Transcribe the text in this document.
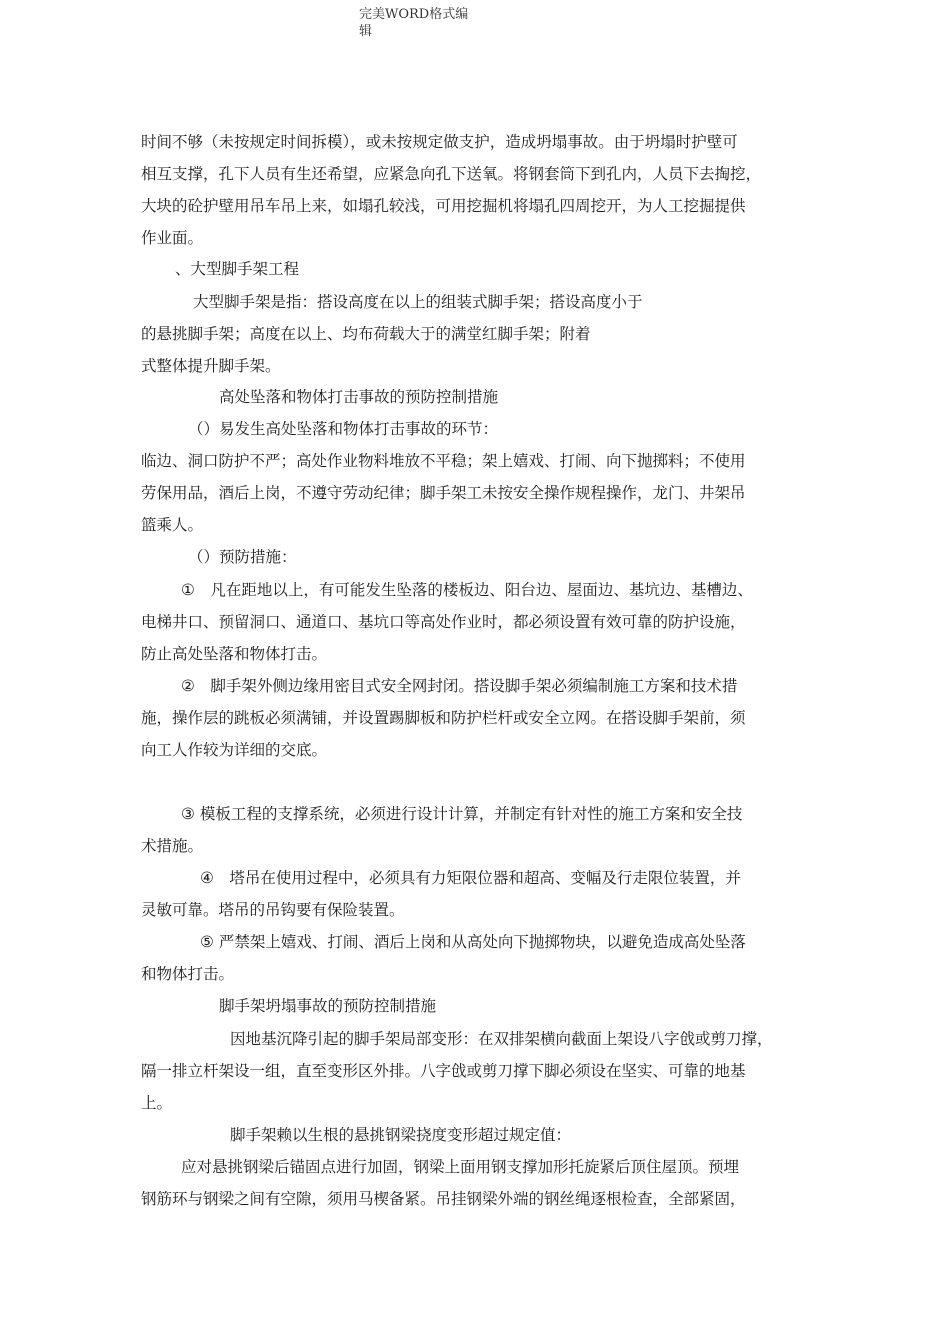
完美WORD格式编
辑
时间不够（未按规定时间拆模），或未按规定做支护，造成坍塌事故。由于坍塌时护壁可
相互支撑，孔下人员有生还希望，应紧急向孔下送氧。将钢套筒下到孔内，人员下去掏挖，
大块的砼护壁用吊车吊上来，如塌孔较浅，可用挖掘机将塌孔四周挖开，为人工挖掘提供
作业面。
、大型脚手架工程
大型脚手架是指：搭设高度在以上的组装式脚手架；搭设高度小于
的悬挑脚手架；高度在以上、均布荷载大于的满堂红脚手架；附着
式整体提升脚手架。
高处坠落和物体打击事故的预防控制措施
（）易发生高处坠落和物体打击事故的环节：
临边、洞口防护不严；高处作业物料堆放不平稳；架上嬉戏、打闹、向下抛掷料；不使用
劳保用品，酒后上岗，不遵守劳动纪律；脚手架工未按安全操作规程操作，龙门、井架吊
篮乘人。
（）预防措施：
①　凡在距地以上，有可能发生坠落的楼板边、阳台边、屋面边、基坑边、基槽边、
电梯井口、预留洞口、通道口、基坑口等高处作业时，都必须设置有效可靠的防护设施，
防止高处坠落和物体打击。
②　脚手架外侧边缘用密目式安全网封闭。搭设脚手架必须编制施工方案和技术措
施，操作层的跳板必须满铺，并设置踢脚板和防护栏杆或安全立网。在搭设脚手架前，须
向工人作较为详细的交底。
③ 模板工程的支撑系统，必须进行设计计算，并制定有针对性的施工方案和安全技
术措施。
④　塔吊在使用过程中，必须具有力矩限位器和超高、变幅及行走限位装置，并
灵敏可靠。塔吊的吊钩要有保险装置。
⑤ 严禁架上嬉戏、打闹、酒后上岗和从高处向下抛掷物块，以避免造成高处坠落
和物体打击。
脚手架坍塌事故的预防控制措施
因地基沉降引起的脚手架局部变形：在双排架横向截面上架设八字戗或剪刀撑，
隔一排立杆架设一组，直至变形区外排。八字戗或剪刀撑下脚必须设在坚实、可靠的地基
上。
脚手架赖以生根的悬挑钢梁挠度变形超过规定值：
应对悬挑钢梁后锚固点进行加固，钢梁上面用钢支撑加形托旋紧后顶住屋顶。预埋
钢筋环与钢梁之间有空隙，须用马楔备紧。吊挂钢梁外端的钢丝绳逐根检查，全部紧固，
